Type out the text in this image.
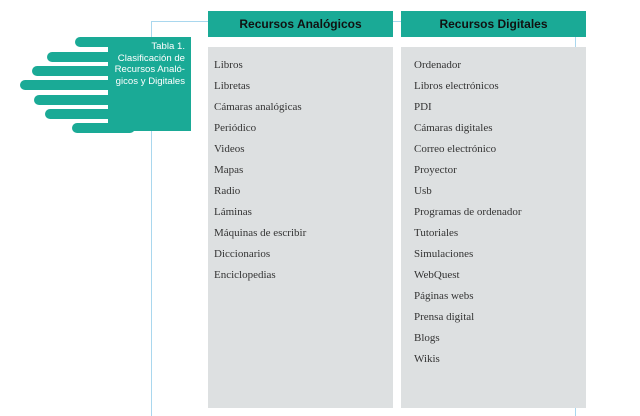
Tabla 1.
Clasificación de
Recursos Analó-
gicos y Digitales
Recursos Analógicos
Libros
Libretas
Cámaras analógicas
Periódico
Videos
Mapas
Radio
Láminas
Máquinas de escribir
Diccionarios
Enciclopedias
Recursos Digitales
Ordenador
Libros electrónicos
PDI
Cámaras digitales
Correo electrónico
Proyector
Usb
Programas de ordenador
Tutoriales
Simulaciones
WebQuest
Páginas webs
Prensa digital
Blogs
Wikis
